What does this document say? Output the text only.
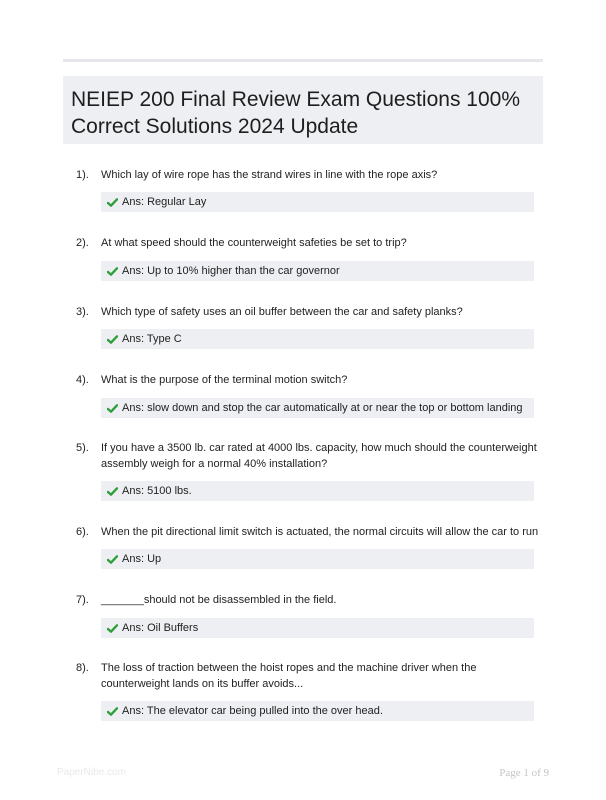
NEIEP 200 Final Review Exam Questions 100% Correct Solutions 2024 Update
1). Which lay of wire rope has the strand wires in line with the rope axis?
Ans: Regular Lay
2). At what speed should the counterweight safeties be set to trip?
Ans: Up to 10% higher than the car governor
3). Which type of safety uses an oil buffer between the car and safety planks?
Ans: Type C
4). What is the purpose of the terminal motion switch?
Ans: slow down and stop the car automatically at or near the top or bottom landing
5). If you have a 3500 lb. car rated at 4000 lbs. capacity, how much should the counterweight assembly weigh for a normal 40% installation?
Ans: 5100 lbs.
6). When the pit directional limit switch is actuated, the normal circuits will allow the car to run
Ans: Up
7). _______should not be disassembled in the field.
Ans: Oil Buffers
8). The loss of traction between the hoist ropes and the machine driver when the counterweight lands on its buffer avoids...
Ans: The elevator car being pulled into the over head.
PaperNibe.com	Page 1 of 9
